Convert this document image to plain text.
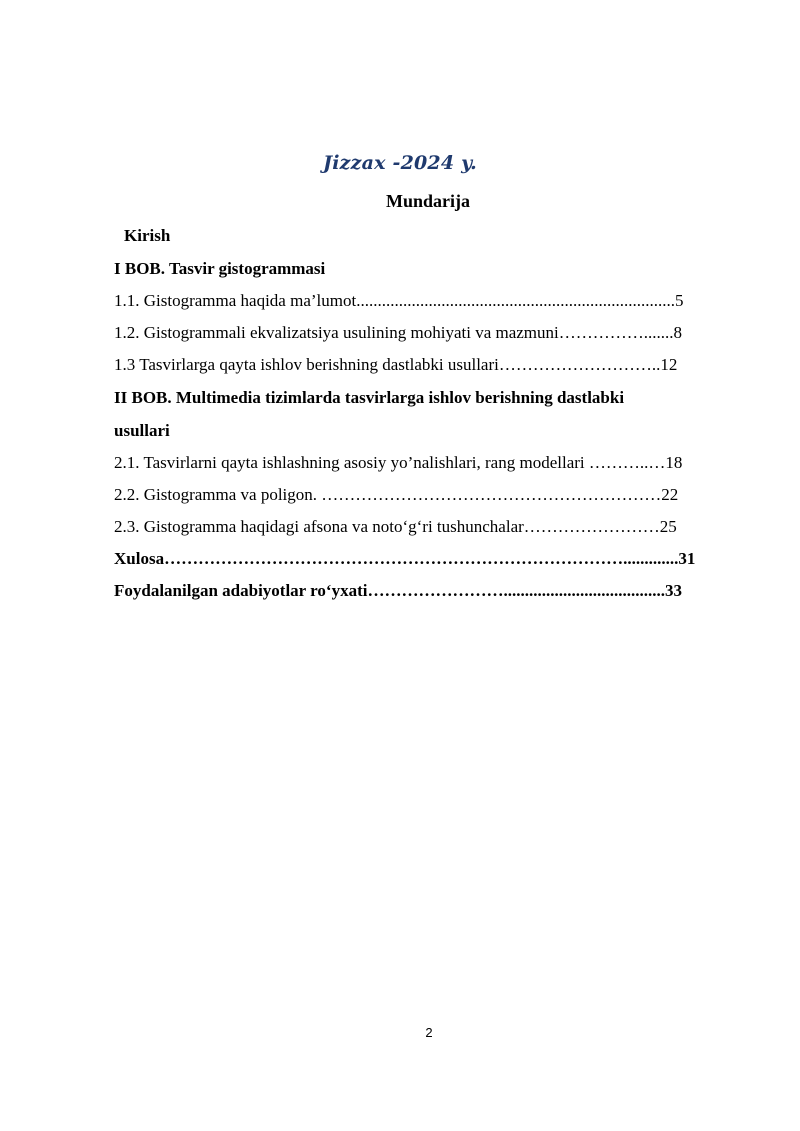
Jizzax -2024 y.
Mundarija
Kirish
I BOB. Tasvir gistogrammasi
1.1. Gistogramma haqida ma’lumot...........................................................................5
1.2. Gistogrammali ekvalizatsiya usulining mohiyati va mazmuni…………….......8
1.3 Tasvirlarga qayta ishlov berishning dastlabki usullari………………………..12
II BOB. Multimedia tizimlarda tasvirlarga ishlov berishning dastlabki
usullari
2.1. Tasvirlarni qayta ishlashning asosiy yo’nalishlari, rang modellari ………..…18
2.2. Gistogramma va poligon. ……………………………………………………22
2.3. Gistogramma haqidagi afsona va noto‘g‘ri tushunchalar……………………25
Xulosa……………………………………………………………………….............31
Foydalanilgan adabiyotlar ro‘yxati……………………......................................33
2
